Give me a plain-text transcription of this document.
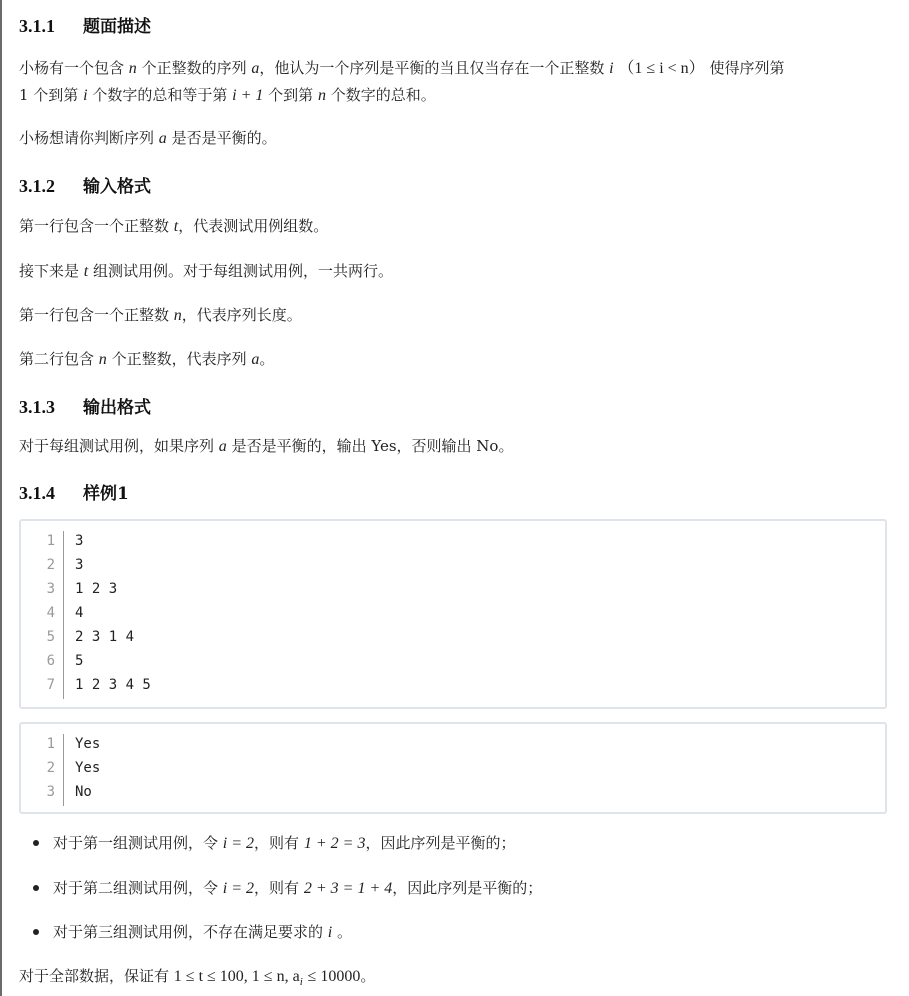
3.1.1 题面描述
小杨有一个包含 n 个正整数的序列 a，他认为一个序列是平衡的当且仅当存在一个正整数 i （1 ≤ i < n） 使得序列第
1 个到第 i 个数字的总和等于第 i + 1 个到第 n 个数字的总和。
小杨想请你判断序列 a 是否是平衡的。
3.1.2 输入格式
第一行包含一个正整数 t，代表测试用例组数。
接下来是 t 组测试用例。对于每组测试用例，一共两行。
第一行包含一个正整数 n，代表序列长度。
第二行包含 n 个正整数，代表序列 a。
3.1.3 输出格式
对于每组测试用例，如果序列 a 是否是平衡的，输出 Yes，否则输出 No。
3.1.4 样例1
1 3
2 3
3 1 2 3
4 4
5 2 3 1 4
6 5
7 1 2 3 4 5
1 Yes
2 Yes
3 No
对于第一组测试用例，令 i = 2，则有 1 + 2 = 3，因此序列是平衡的；
对于第二组测试用例，令 i = 2，则有 2 + 3 = 1 + 4，因此序列是平衡的；
对于第三组测试用例，不存在满足要求的 i 。
对于全部数据，保证有 1 ≤ t ≤ 100, 1 ≤ n, $a_i \le 10000$。
